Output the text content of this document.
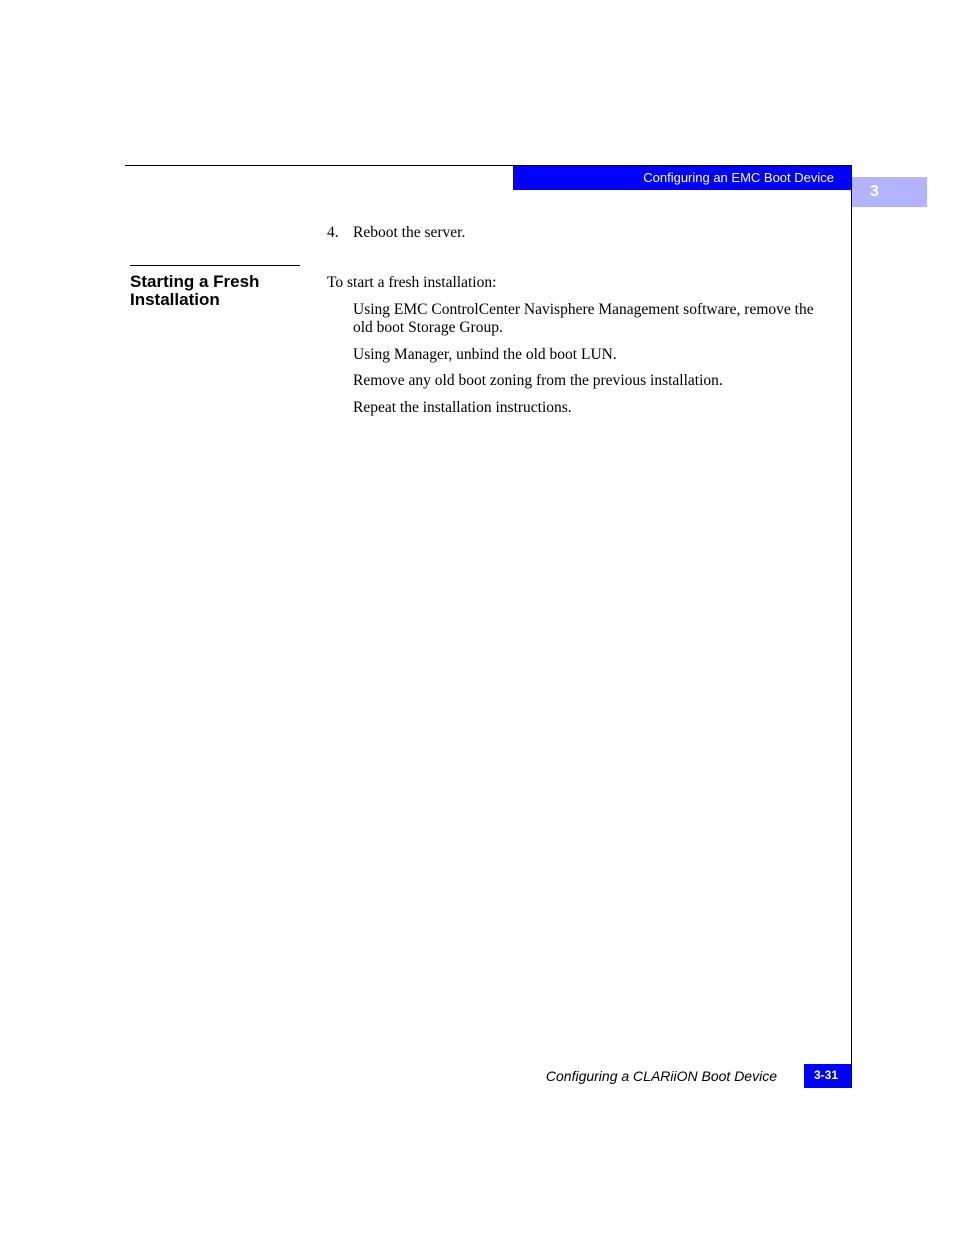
Configuring an EMC Boot Device
3
4. Reboot the server.
Starting a Fresh Installation
To start a fresh installation:
Using EMC ControlCenter Navisphere Management software, remove the old boot Storage Group.
Using Manager, unbind the old boot LUN.
Remove any old boot zoning from the previous installation.
Repeat the installation instructions.
Configuring a CLARiiON Boot Device	3-31
